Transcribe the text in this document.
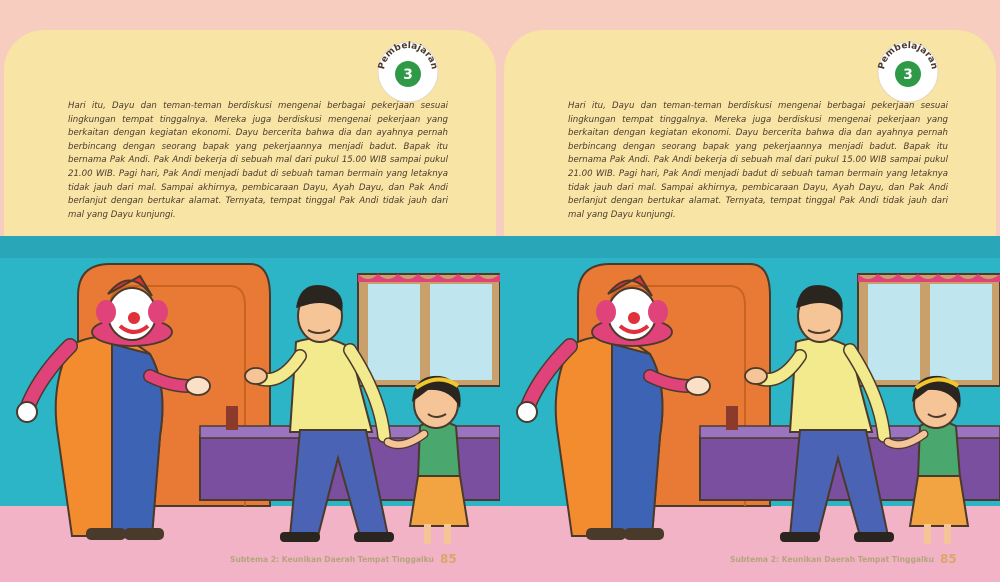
Pembelajaran
3

Hari itu, Dayu dan teman-teman berdiskusi mengenai berbagai pekerjaan sesuai lingkungan tempat tinggalnya. Mereka juga berdiskusi mengenai pekerjaan yang berkaitan dengan kegiatan ekonomi. Dayu bercerita bahwa dia dan ayahnya pernah berbincang dengan seorang bapak yang pekerjaannya menjadi badut. Bapak itu bernama Pak Andi. Pak Andi bekerja di sebuah mal dari pukul 15.00 WIB sampai pukul 21.00 WIB. Pagi hari, Pak Andi menjadi badut di sebuah taman bermain yang letaknya tidak jauh dari mal. Sampai akhirnya, pembicaraan Dayu, Ayah Dayu, dan Pak Andi berlanjut dengan bertukar alamat. Ternyata, tempat tinggal Pak Andi tidak jauh dari mal yang Dayu kunjungi.

Subtema 2: Keunikan Daerah Tempat Tinggalku 85
Pembelajaran
3

Hari itu, Dayu dan teman-teman berdiskusi mengenai berbagai pekerjaan sesuai lingkungan tempat tinggalnya. Mereka juga berdiskusi mengenai pekerjaan yang berkaitan dengan kegiatan ekonomi. Dayu bercerita bahwa dia dan ayahnya pernah berbincang dengan seorang bapak yang pekerjaannya menjadi badut. Bapak itu bernama Pak Andi. Pak Andi bekerja di sebuah mal dari pukul 15.00 WIB sampai pukul 21.00 WIB. Pagi hari, Pak Andi menjadi badut di sebuah taman bermain yang letaknya tidak jauh dari mal. Sampai akhirnya, pembicaraan Dayu, Ayah Dayu, dan Pak Andi berlanjut dengan bertukar alamat. Ternyata, tempat tinggal Pak Andi tidak jauh dari mal yang Dayu kunjungi.

Subtema 2: Keunikan Daerah Tempat Tinggalku 85
